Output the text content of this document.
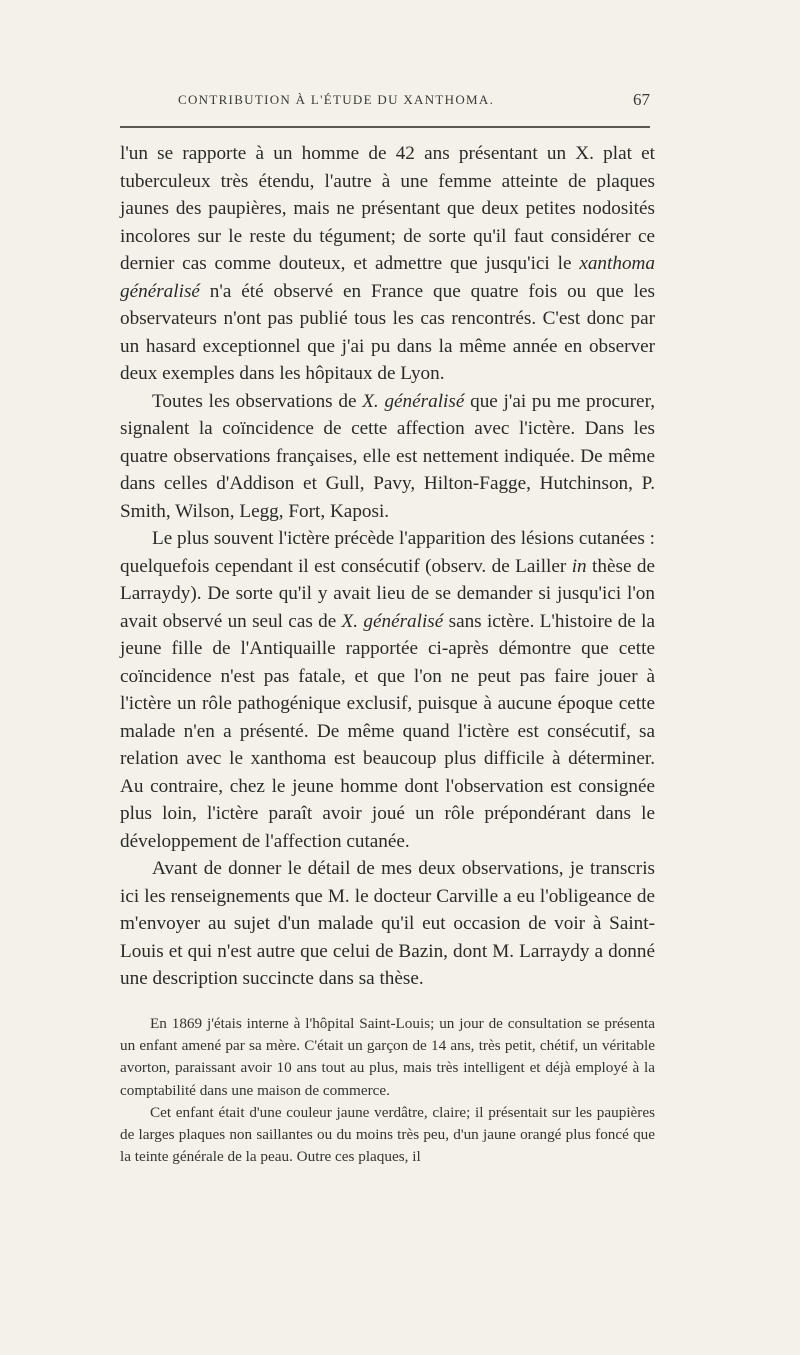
CONTRIBUTION À L'ÉTUDE DU XANTHOMA.	67

l'un se rapporte à un homme de 42 ans présentant un X. plat et tuberculeux très étendu, l'autre à une femme atteinte de plaques jaunes des paupières, mais ne présentant que deux petites nodosités incolores sur le reste du tégument; de sorte qu'il faut considérer ce dernier cas comme douteux, et admettre que jusqu'ici le xanthoma généralisé n'a été observé en France que quatre fois ou que les observateurs n'ont pas publié tous les cas rencontrés. C'est donc par un hasard exceptionnel que j'ai pu dans la même année en observer deux exemples dans les hôpitaux de Lyon.

Toutes les observations de X. généralisé que j'ai pu me procurer, signalent la coïncidence de cette affection avec l'ictère. Dans les quatre observations françaises, elle est nettement indiquée. De même dans celles d'Addison et Gull, Pavy, Hilton-Fagge, Hutchinson, P. Smith, Wilson, Legg, Fort, Kaposi.

Le plus souvent l'ictère précède l'apparition des lésions cutanées : quelquefois cependant il est consécutif (observ. de Lailler in thèse de Larraydy). De sorte qu'il y avait lieu de se demander si jusqu'ici l'on avait observé un seul cas de X. généralisé sans ictère. L'histoire de la jeune fille de l'Antiquaille rapportée ci-après démontre que cette coïncidence n'est pas fatale, et que l'on ne peut pas faire jouer à l'ictère un rôle pathogénique exclusif, puisque à aucune époque cette malade n'en a présenté. De même quand l'ictère est consécutif, sa relation avec le xanthoma est beaucoup plus difficile à déterminer. Au contraire, chez le jeune homme dont l'observation est consignée plus loin, l'ictère paraît avoir joué un rôle prépondérant dans le développement de l'affection cutanée.

Avant de donner le détail de mes deux observations, je transcris ici les renseignements que M. le docteur Carville a eu l'obligeance de m'envoyer au sujet d'un malade qu'il eut occasion de voir à Saint-Louis et qui n'est autre que celui de Bazin, dont M. Larraydy a donné une description succincte dans sa thèse.

En 1869 j'étais interne à l'hôpital Saint-Louis; un jour de consultation se présenta un enfant amené par sa mère. C'était un garçon de 14 ans, très petit, chétif, un véritable avorton, paraissant avoir 10 ans tout au plus, mais très intelligent et déjà employé à la comptabilité dans une maison de commerce.

Cet enfant était d'une couleur jaune verdâtre, claire; il présentait sur les paupières de larges plaques non saillantes ou du moins très peu, d'un jaune orangé plus foncé que la teinte générale de la peau. Outre ces plaques, il
